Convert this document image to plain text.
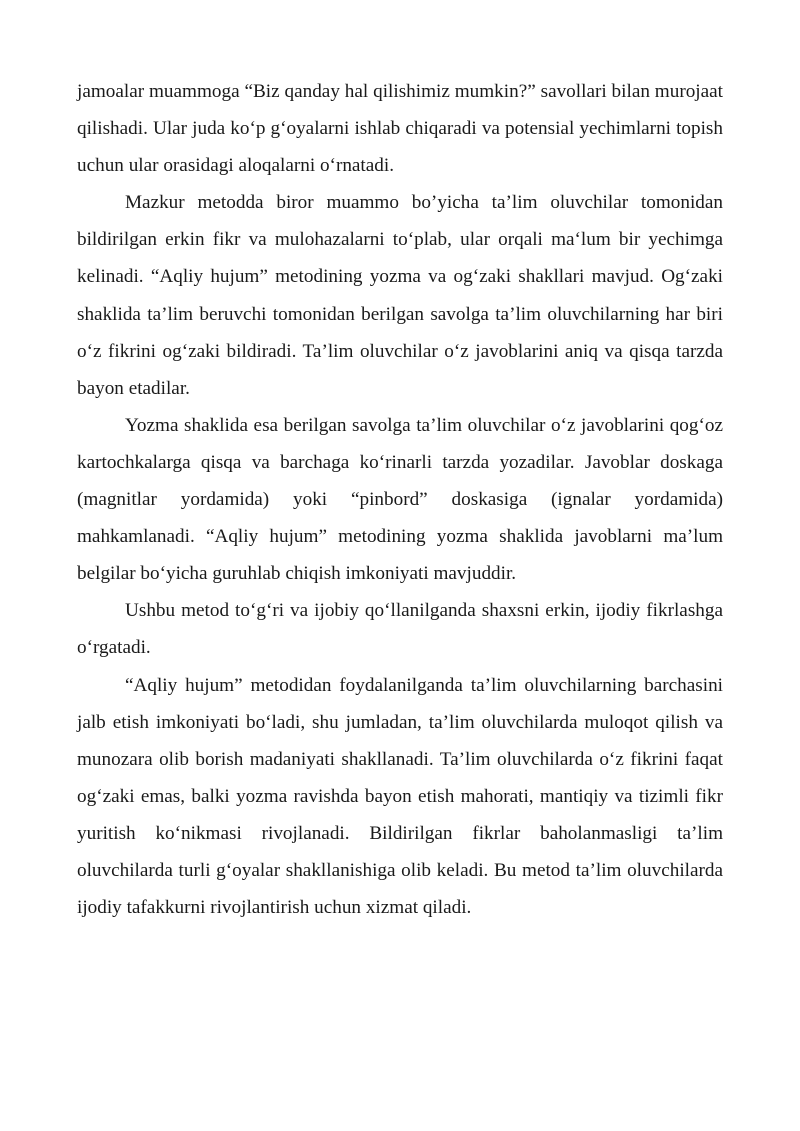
jamoalar muammoga “Biz qanday hal qilishimiz mumkin?” savollari bilan murojaat qilishadi. Ular juda koʻp gʻoyalarni ishlab chiqaradi va potensial yechimlarni topish uchun ular orasidagi aloqalarni oʻrnatadi.

Mazkur metodda biror muammo boʼyicha taʼlim oluvchilar tomonidan bildirilgan erkin fikr va mulohazalarni toʻplab, ular orqali maʻlum bir yechimga kelinadi. “Aqliy hujum” metodining yozma va ogʻzaki shakllari mavjud. Ogʻzaki shaklida taʼlim beruvchi tomonidan berilgan savolga taʼlim oluvchilarning har biri oʻz fikrini ogʻzaki bildiradi. Taʼlim oluvchilar oʻz javoblarini aniq va qisqa tarzda bayon etadilar.

Yozma shaklida esa berilgan savolga taʼlim oluvchilar oʻz javoblarini qogʻoz kartochkalarga qisqa va barchaga koʻrinarli tarzda yozadilar. Javoblar doskaga (magnitlar yordamida) yoki “pinbord” doskasiga (ignalar yordamida) mahkamlanadi. “Aqliy hujum” metodining yozma shaklida javoblarni maʼlum belgilar boʻyicha guruhlab chiqish imkoniyati mavjuddir.

Ushbu metod toʻgʻri va ijobiy qoʻllanilganda shaxsni erkin, ijodiy fikrlashga oʻrgatadi.

“Aqliy hujum” metodidan foydalanilganda taʼlim oluvchilarning barchasini jalb etish imkoniyati boʻladi, shu jumladan, taʼlim oluvchilarda muloqot qilish va munozara olib borish madaniyati shakllanadi. Taʼlim oluvchilarda oʻz fikrini faqat ogʻzaki emas, balki yozma ravishda bayon etish mahorati, mantiqiy va tizimli fikr yuritish koʻnikmasi rivojlanadi. Bildirilgan fikrlar baholanmasligi taʼlim oluvchilarda turli gʻoyalar shakllanishiga olib keladi. Bu metod taʼlim oluvchilarda ijodiy tafakkurni rivojlantirish uchun xizmat qiladi.
